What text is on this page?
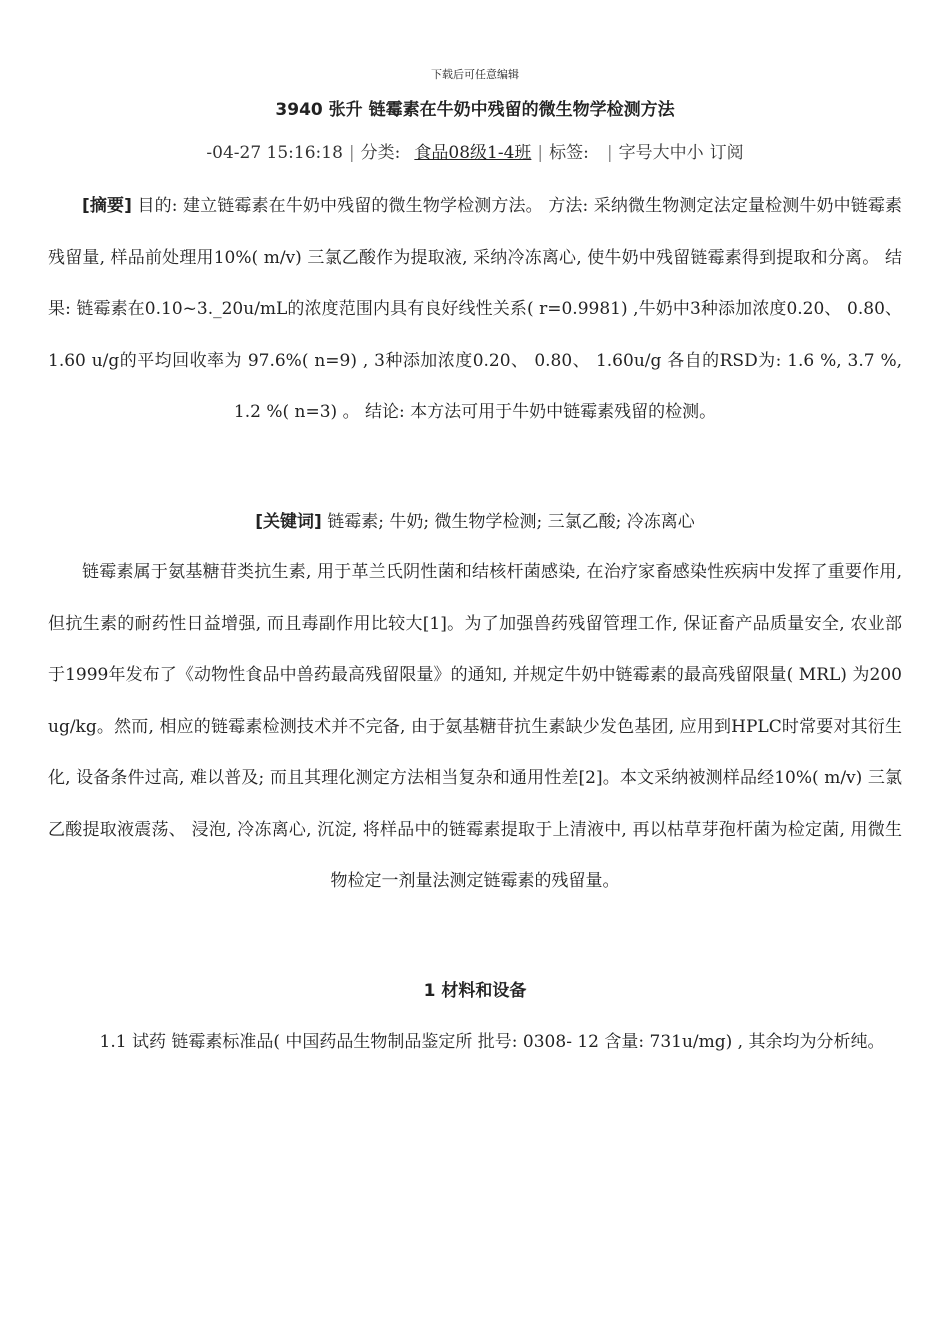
下载后可任意编辑
3940 张升 链霉素在牛奶中残留的微生物学检测方法
-04-27 15:16:18 | 分类: 食品08级1-4班 | 标签: | 字号大中小 订阅
[摘要] 目的: 建立链霉素在牛奶中残留的微生物学检测方法。 方法: 采纳微生物测定法定量检测牛奶中链霉素残留量, 样品前处理用10%( m/v) 三氯乙酸作为提取液, 采纳冷冻离心, 使牛奶中残留链霉素得到提取和分离。 结果: 链霉素在0.10~3._20u/mL的浓度范围内具有良好线性关系( r=0.9981) ,牛奶中3种添加浓度0.20、 0.80、 1.60 u/g的平均回收率为 97.6%( n=9) , 3种添加浓度0.20、 0.80、 1.60u/g 各自的RSD为: 1.6 %, 3.7 %, 1.2 %( n=3) 。 结论: 本方法可用于牛奶中链霉素残留的检测。
[关键词] 链霉素; 牛奶; 微生物学检测; 三氯乙酸; 冷冻离心
链霉素属于氨基糖苷类抗生素, 用于革兰氏阴性菌和结核杆菌感染, 在治疗家畜感染性疾病中发挥了重要作用, 但抗生素的耐药性日益增强, 而且毒副作用比较大[1]。为了加强兽药残留管理工作, 保证畜产品质量安全, 农业部于1999年发布了《动物性食品中兽药最高残留限量》的通知, 并规定牛奶中链霉素的最高残留限量( MRL) 为200 ug/kg。然而, 相应的链霉素检测技术并不完备, 由于氨基糖苷抗生素缺少发色基团, 应用到HPLC时常要对其衍生化, 设备条件过高, 难以普及; 而且其理化测定方法相当复杂和通用性差[2]。本文采纳被测样品经10%( m/v) 三氯乙酸提取液震荡、 浸泡, 冷冻离心, 沉淀, 将样品中的链霉素提取于上清液中, 再以枯草芽孢杆菌为检定菌, 用微生物检定一剂量法测定链霉素的残留量。
1 材料和设备
1.1 试药 链霉素标准品( 中国药品生物制品鉴定所 批号: 0308- 12 含量: 731u/mg) , 其余均为分析纯。
